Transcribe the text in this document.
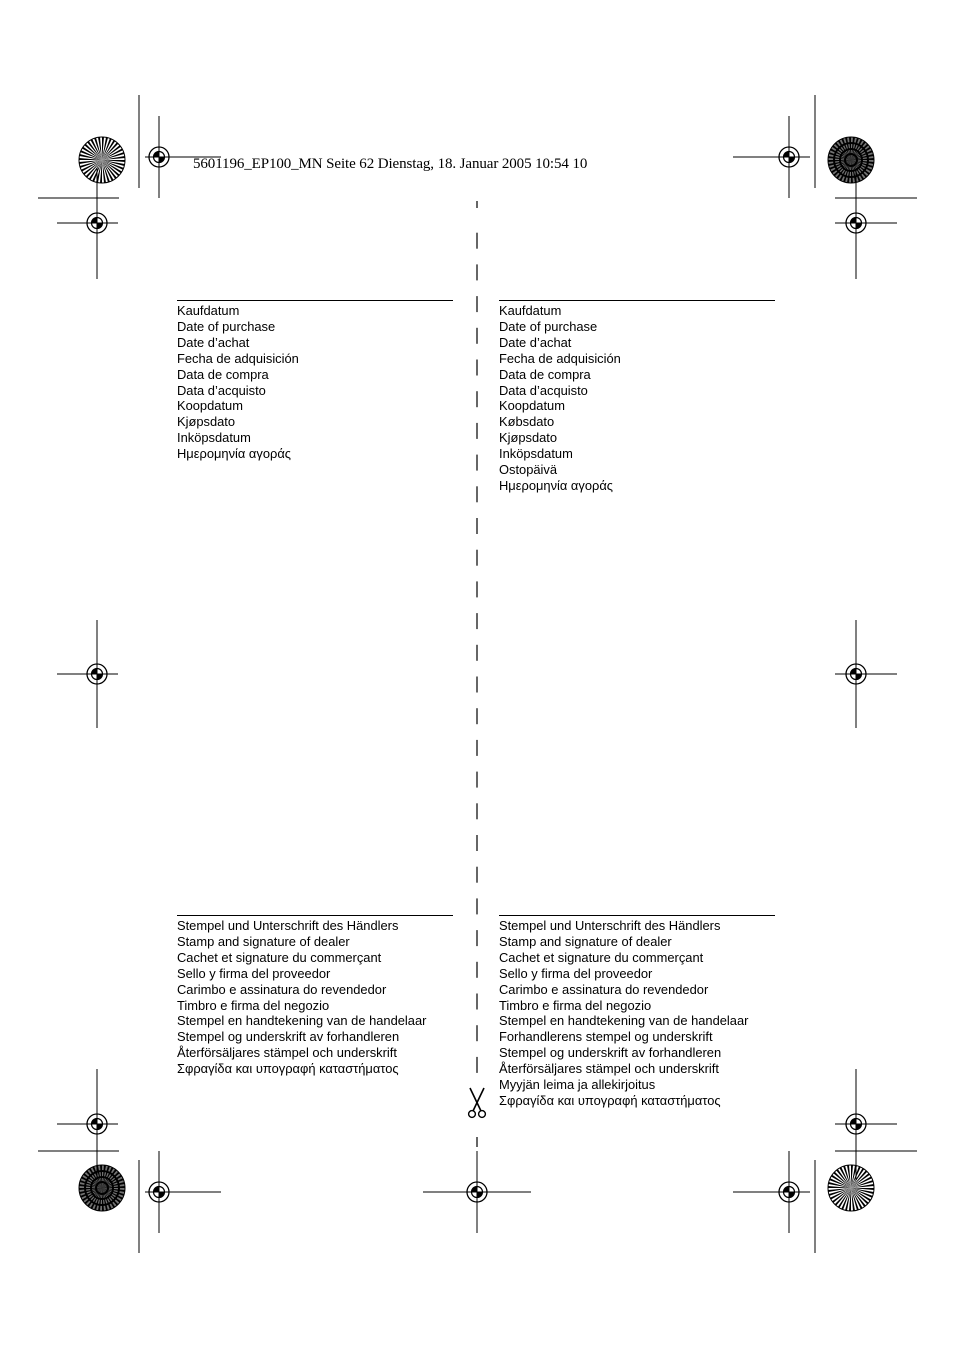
5601196_EP100_MN Seite 62 Dienstag, 18. Januar 2005 10:54 10
Kaufdatum
Date of purchase
Date d’achat
Fecha de adquisición
Data de compra
Data d’acquisto
Koopdatum
Kjøpsdato
Inköpsdatum
Ημερομηνία αγοράς
Kaufdatum
Date of purchase
Date d’achat
Fecha de adquisición
Data de compra
Data d’acquisto
Koopdatum
Købsdato
Kjøpsdato
Inköpsdatum
Ostopäivä
Ημερομηνία αγοράς
Stempel und Unterschrift des Händlers
Stamp and signature of dealer
Cachet et signature du commerçant
Sello y firma del proveedor
Carimbo e assinatura do revendedor
Timbro e firma del negozio
Stempel en handtekening van de handelaar
Stempel og underskrift av forhandleren
Återförsäljares stämpel och underskrift
Σφραγίδα και υπογραφή καταστήματος
Stempel und Unterschrift des Händlers
Stamp and signature of dealer
Cachet et signature du commerçant
Sello y firma del proveedor
Carimbo e assinatura do revendedor
Timbro e firma del negozio
Stempel en handtekening van de handelaar
Forhandlerens stempel og underskrift
Stempel og underskrift av forhandleren
Återförsäljares stämpel och underskrift
Myyjän leima ja allekirjoitus
Σφραγίδα και υπογραφή καταστήματος
